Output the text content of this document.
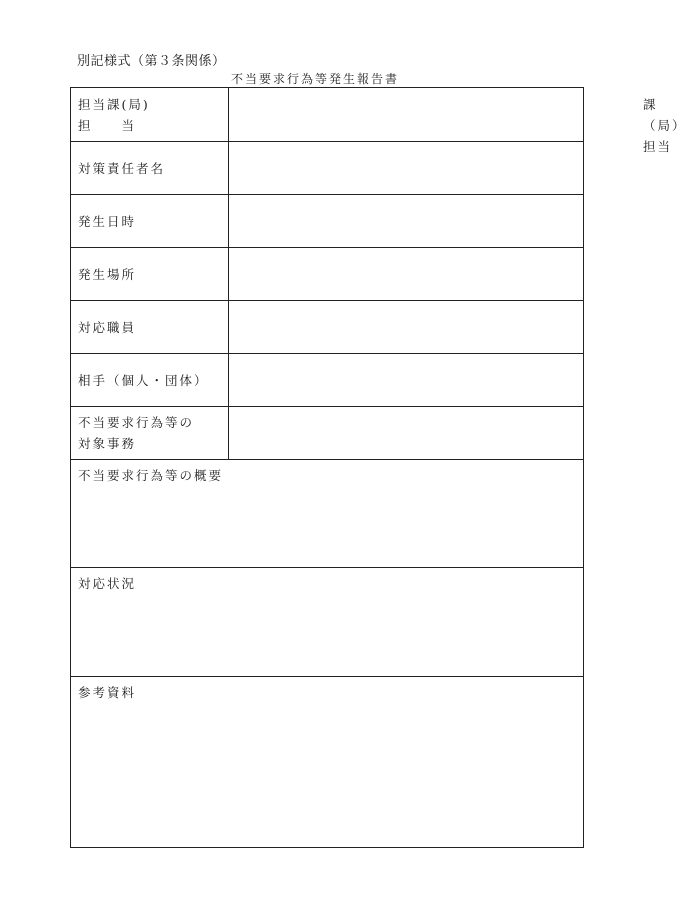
別記様式（第３条関係）
不当要求行為等発生報告書
担当課(局)
担　　当
課（局）
担当
対策責任者名
発生日時
発生場所
対応職員
相手（個人・団体）
不当要求行為等の
対象事務
不当要求行為等の概要
対応状況
参考資料
